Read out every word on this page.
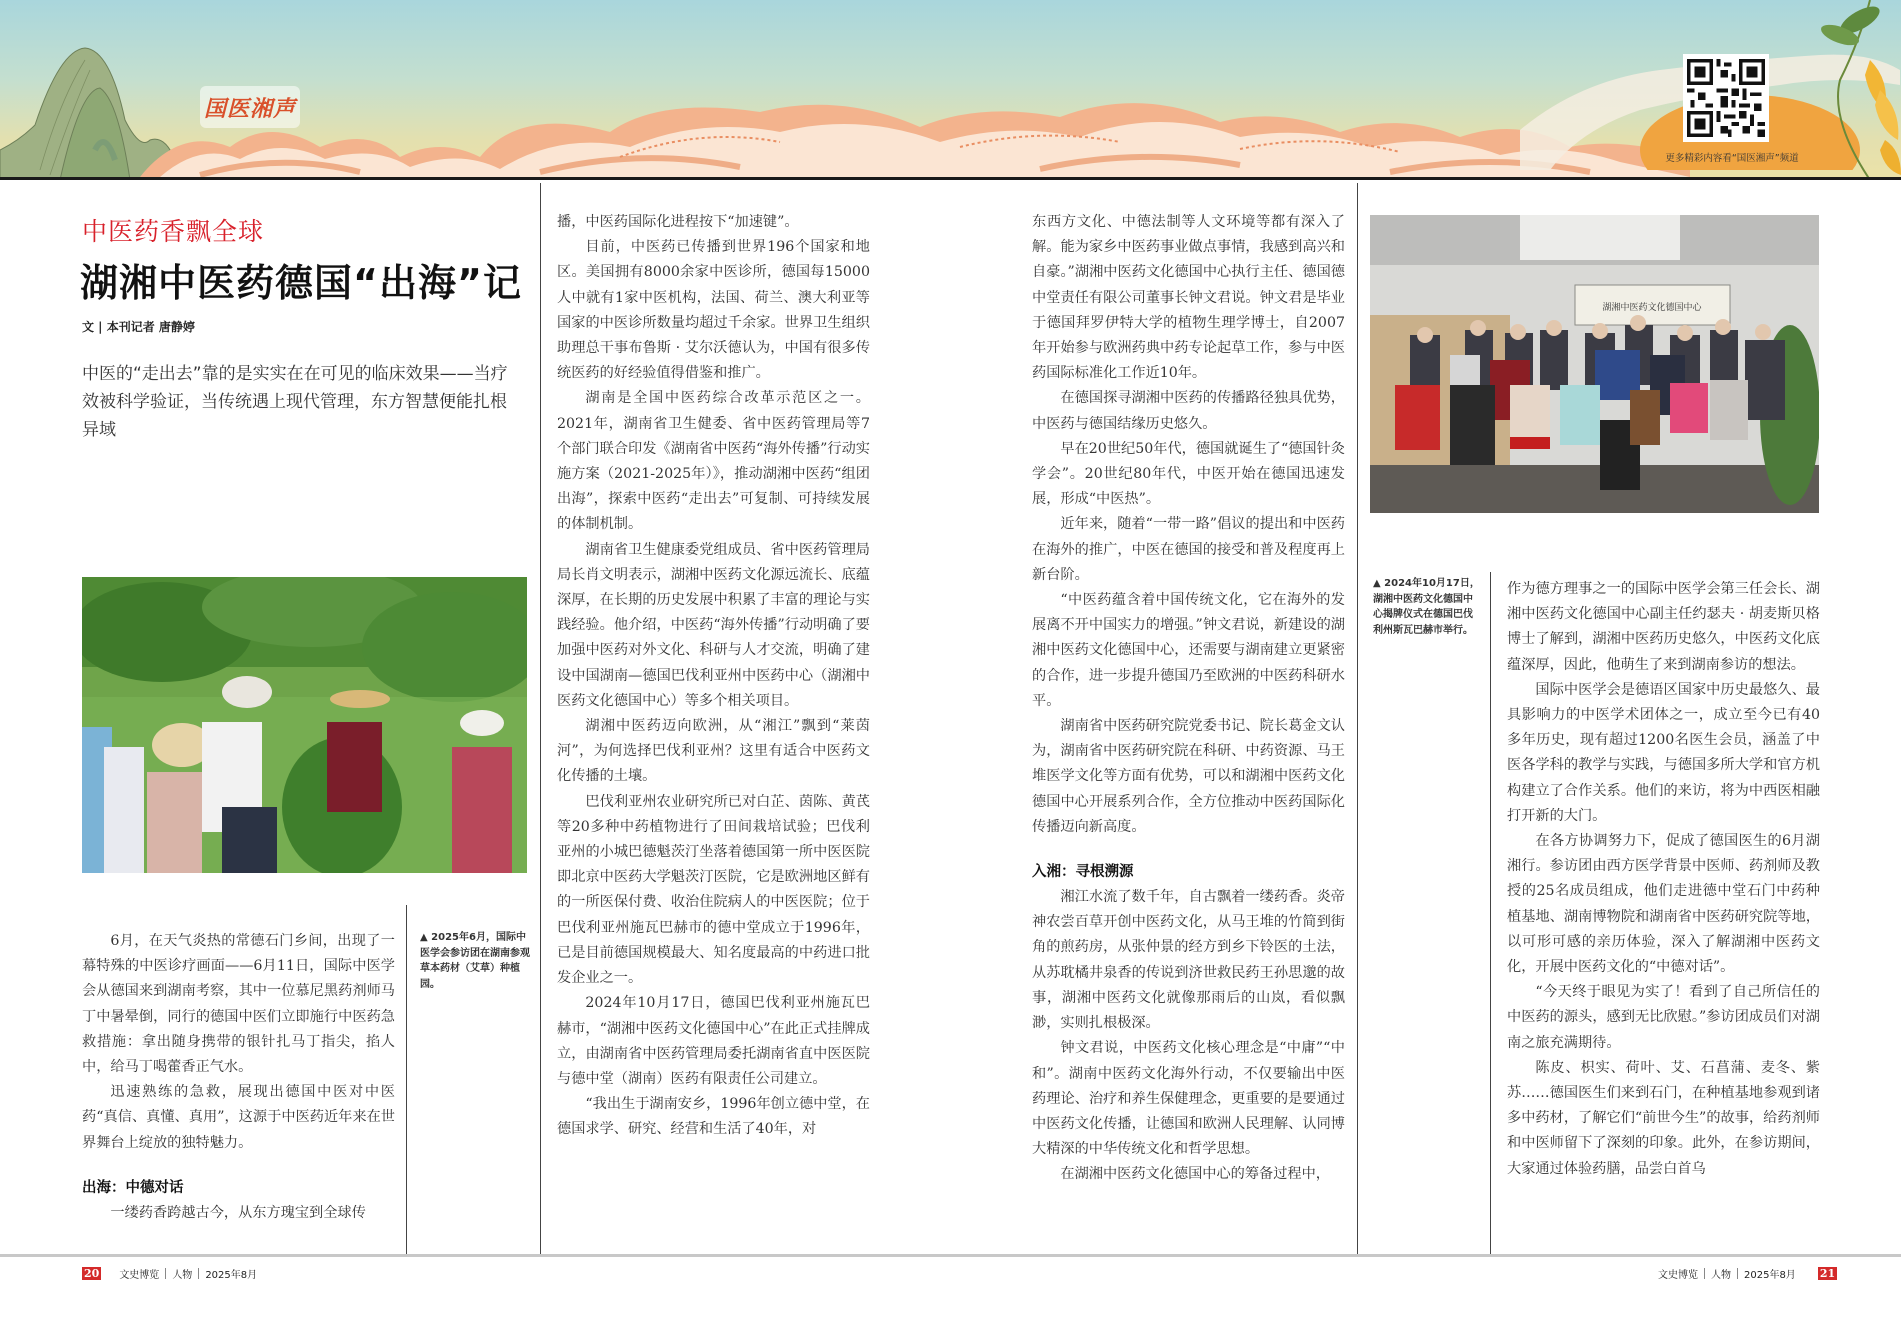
国医湘声
更多精彩内容看“国医湘声”频道
中医药香飘全球
湖湘中医药德国“出海”记
文 | 本刊记者 唐静婷
中医的“走出去”靠的是实实在在可见的临床效果——当疗效被科学验证，当传统遇上现代管理，东方智慧便能扎根异域
▲ 2025年6月，国际中医学会参访团在湖南参观草本药材（艾草）种植园。

6月，在天气炎热的常德石门乡间，出现了一幕特殊的中医诊疗画面——6月11日，国际中医学会从德国来到湖南考察，其中一位慕尼黑药剂师马丁中暑晕倒，同行的德国中医们立即施行中医药急救措施：拿出随身携带的银针扎马丁指尖，掐人中，给马丁喝藿香正气水。

迅速熟练的急救，展现出德国中医对中医药“真信、真懂、真用”，这源于中医药近年来在世界舞台上绽放的独特魅力。

出海：中德对话

一缕药香跨越古今，从东方瑰宝到全球传

播，中医药国际化进程按下“加速键”。

目前，中医药已传播到世界196个国家和地区。美国拥有8000余家中医诊所，德国每15000人中就有1家中医机构，法国、荷兰、澳大利亚等国家的中医诊所数量均超过千余家。世界卫生组织助理总干事布鲁斯 · 艾尔沃德认为，中国有很多传统医药的好经验值得借鉴和推广。

湖南是全国中医药综合改革示范区之一。2021年，湖南省卫生健委、省中医药管理局等7个部门联合印发《湖南省中医药“海外传播”行动实施方案（2021-2025年）》，推动湖湘中医药“组团出海”，探索中医药“走出去”可复制、可持续发展的体制机制。

湖南省卫生健康委党组成员、省中医药管理局局长肖文明表示，湖湘中医药文化源远流长、底蕴深厚，在长期的历史发展中积累了丰富的理论与实践经验。他介绍，中医药“海外传播”行动明确了要加强中医药对外文化、科研与人才交流，明确了建设中国湖南—德国巴伐利亚州中医药中心（湖湘中医药文化德国中心）等多个相关项目。

湖湘中医药迈向欧洲，从“湘江”飘到“莱茵河”，为何选择巴伐利亚州？这里有适合中医药文化传播的土壤。

巴伐利亚州农业研究所已对白芷、茵陈、黄芪等20多种中药植物进行了田间栽培试验；巴伐利亚州的小城巴德魁茨汀坐落着德国第一所中医医院即北京中医药大学魁茨汀医院，它是欧洲地区鲜有的一所医保付费、收治住院病人的中医医院；位于巴伐利亚州施瓦巴赫市的德中堂成立于1996年，已是目前德国规模最大、知名度最高的中药进口批发企业之一。

2024年10月17日，德国巴伐利亚州施瓦巴赫市，“湖湘中医药文化德国中心”在此正式挂牌成立，由湖南省中医药管理局委托湖南省直中医医院与德中堂（湖南）医药有限责任公司建立。

“我出生于湖南安乡，1996年创立德中堂，在德国求学、研究、经营和生活了40年，对

东西方文化、中德法制等人文环境等都有深入了解。能为家乡中医药事业做点事情，我感到高兴和自豪。”湖湘中医药文化德国中心执行主任、德国德中堂责任有限公司董事长钟文君说。钟文君是毕业于德国拜罗伊特大学的植物生理学博士，自2007年开始参与欧洲药典中药专论起草工作，参与中医药国际标准化工作近10年。

在德国探寻湖湘中医药的传播路径独具优势，中医药与德国结缘历史悠久。

早在20世纪50年代，德国就诞生了“德国针灸学会”。20世纪80年代，中医开始在德国迅速发展，形成“中医热”。

近年来，随着“一带一路”倡议的提出和中医药在海外的推广，中医在德国的接受和普及程度再上新台阶。

“中医药蕴含着中国传统文化，它在海外的发展离不开中国实力的增强。”钟文君说，新建设的湖湘中医药文化德国中心，还需要与湖南建立更紧密的合作，进一步提升德国乃至欧洲的中医药科研水平。

湖南省中医药研究院党委书记、院长葛金文认为，湖南省中医药研究院在科研、中药资源、马王堆医学文化等方面有优势，可以和湖湘中医药文化德国中心开展系列合作，全方位推动中医药国际化传播迈向新高度。

入湘：寻根溯源

湘江水流了数千年，自古飘着一缕药香。炎帝神农尝百草开创中医药文化，从马王堆的竹简到街角的煎药房，从张仲景的经方到乡下铃医的土法，从苏耽橘井泉香的传说到济世救民药王孙思邈的故事，湖湘中医药文化就像那雨后的山岚，看似飘渺，实则扎根极深。

钟文君说，中医药文化核心理念是“中庸”“中和”。湖南中医药文化海外行动，不仅要输出中医药理论、治疗和养生保健理念，更重要的是要通过中医药文化传播，让德国和欧洲人民理解、认同博大精深的中华传统文化和哲学思想。

在湖湘中医药文化德国中心的筹备过程中，

湖湘中医药文化德国中心
▲ 2024年10月17日，湖湘中医药文化德国中心揭牌仪式在德国巴伐利州斯瓦巴赫市举行。

作为德方理事之一的国际中医学会第三任会长、湖湘中医药文化德国中心副主任约瑟夫 · 胡麦斯贝格博士了解到，湖湘中医药历史悠久，中医药文化底蕴深厚，因此，他萌生了来到湖南参访的想法。

国际中医学会是德语区国家中历史最悠久、最具影响力的中医学术团体之一，成立至今已有40多年历史，现有超过1200名医生会员，涵盖了中医各学科的教学与实践，与德国多所大学和官方机构建立了合作关系。他们的来访，将为中西医相融打开新的大门。

在各方协调努力下，促成了德国医生的6月湖湘行。参访团由西方医学背景中医师、药剂师及教授的25名成员组成，他们走进德中堂石门中药种植基地、湖南博物院和湖南省中医药研究院等地，以可形可感的亲历体验，深入了解湖湘中医药文化，开展中医药文化的“中德对话”。

“今天终于眼见为实了！看到了自己所信任的中医药的源头，感到无比欣慰。”参访团成员们对湖南之旅充满期待。

陈皮、枳实、荷叶、艾、石菖蒲、麦冬、紫苏……德国医生们来到石门，在种植基地参观到诸多中药材，了解它们“前世今生”的故事，给药剂师和中医师留下了深刻的印象。此外，在参访期间，大家通过体验药膳，品尝白首乌

20 文史博览 人物 2025年8月	文史博览 人物 2025年8月 21
